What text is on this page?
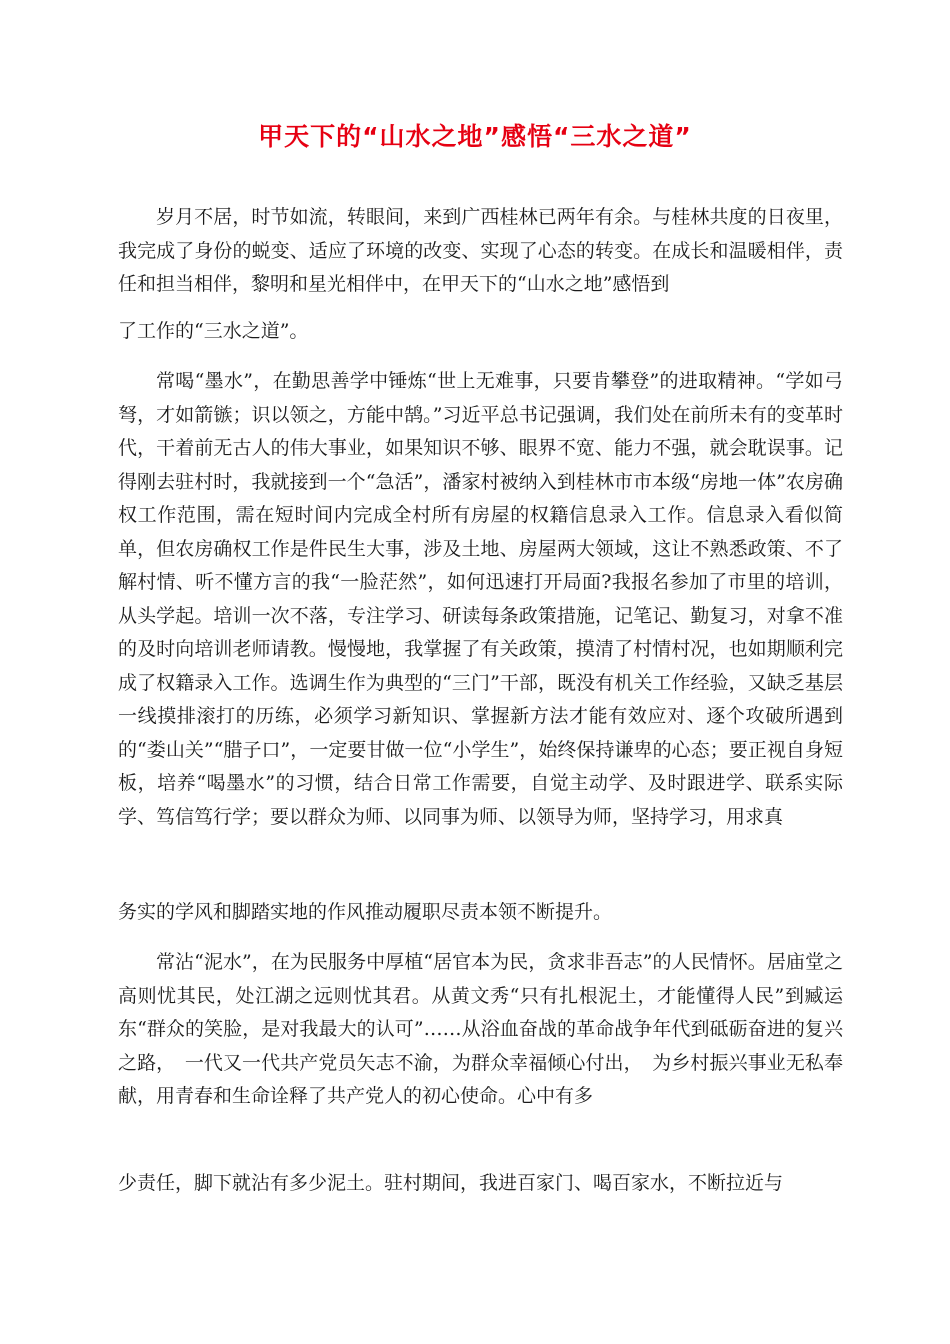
甲天下的“山水之地”感悟“三水之道”

岁月不居，时节如流，转眼间，来到广西桂林已两年有余。与桂林共度的日夜里，我完成了身份的蜕变、适应了环境的改变、实现了心态的转变。在成长和温暖相伴，责任和担当相伴，黎明和星光相伴中，在甲天下的“山水之地”感悟到

了工作的“三水之道”。

常喝“墨水”，在勤思善学中锤炼“世上无难事，只要肯攀登”的进取精神。“学如弓弩，才如箭镞；识以领之，方能中鹄。”习近平总书记强调，我们处在前所未有的变革时代，干着前无古人的伟大事业，如果知识不够、眼界不宽、能力不强，就会耽误事。记得刚去驻村时，我就接到一个“急活”，潘家村被纳入到桂林市市本级“房地一体”农房确权工作范围，需在短时间内完成全村所有房屋的权籍信息录入工作。信息录入看似简单，但农房确权工作是件民生大事，涉及土地、房屋两大领域，这让不熟悉政策、不了解村情、听不懂方言的我“一脸茫然”，如何迅速打开局面?我报名参加了市里的培训，从头学起。培训一次不落，专注学习、研读每条政策措施，记笔记、勤复习，对拿不准的及时向培训老师请教。慢慢地，我掌握了有关政策，摸清了村情村况，也如期顺利完成了权籍录入工作。选调生作为典型的“三门”干部，既没有机关工作经验，又缺乏基层一线摸排滚打的历练，必须学习新知识、掌握新方法才能有效应对、逐个攻破所遇到的“娄山关”“腊子口”，一定要甘做一位“小学生”，始终保持谦卑的心态；要正视自身短板，培养“喝墨水”的习惯，结合日常工作需要，自觉主动学、及时跟进学、联系实际学、笃信笃行学；要以群众为师、以同事为师、以领导为师，坚持学习，用求真

务实的学风和脚踏实地的作风推动履职尽责本领不断提升。

常沾“泥水”，在为民服务中厚植“居官本为民，贪求非吾志”的人民情怀。居庙堂之高则忧其民，处江湖之远则忧其君。从黄文秀“只有扎根泥土，才能懂得人民”到臧运东“群众的笑脸，是对我最大的认可”……从浴血奋战的革命战争年代到砥砺奋进的复兴之路，　一代又一代共产党员矢志不渝，为群众幸福倾心付出，　为乡村振兴事业无私奉献，用青春和生命诠释了共产党人的初心使命。心中有多

少责任，脚下就沾有多少泥土。驻村期间，我进百家门、喝百家水，不断拉近与
